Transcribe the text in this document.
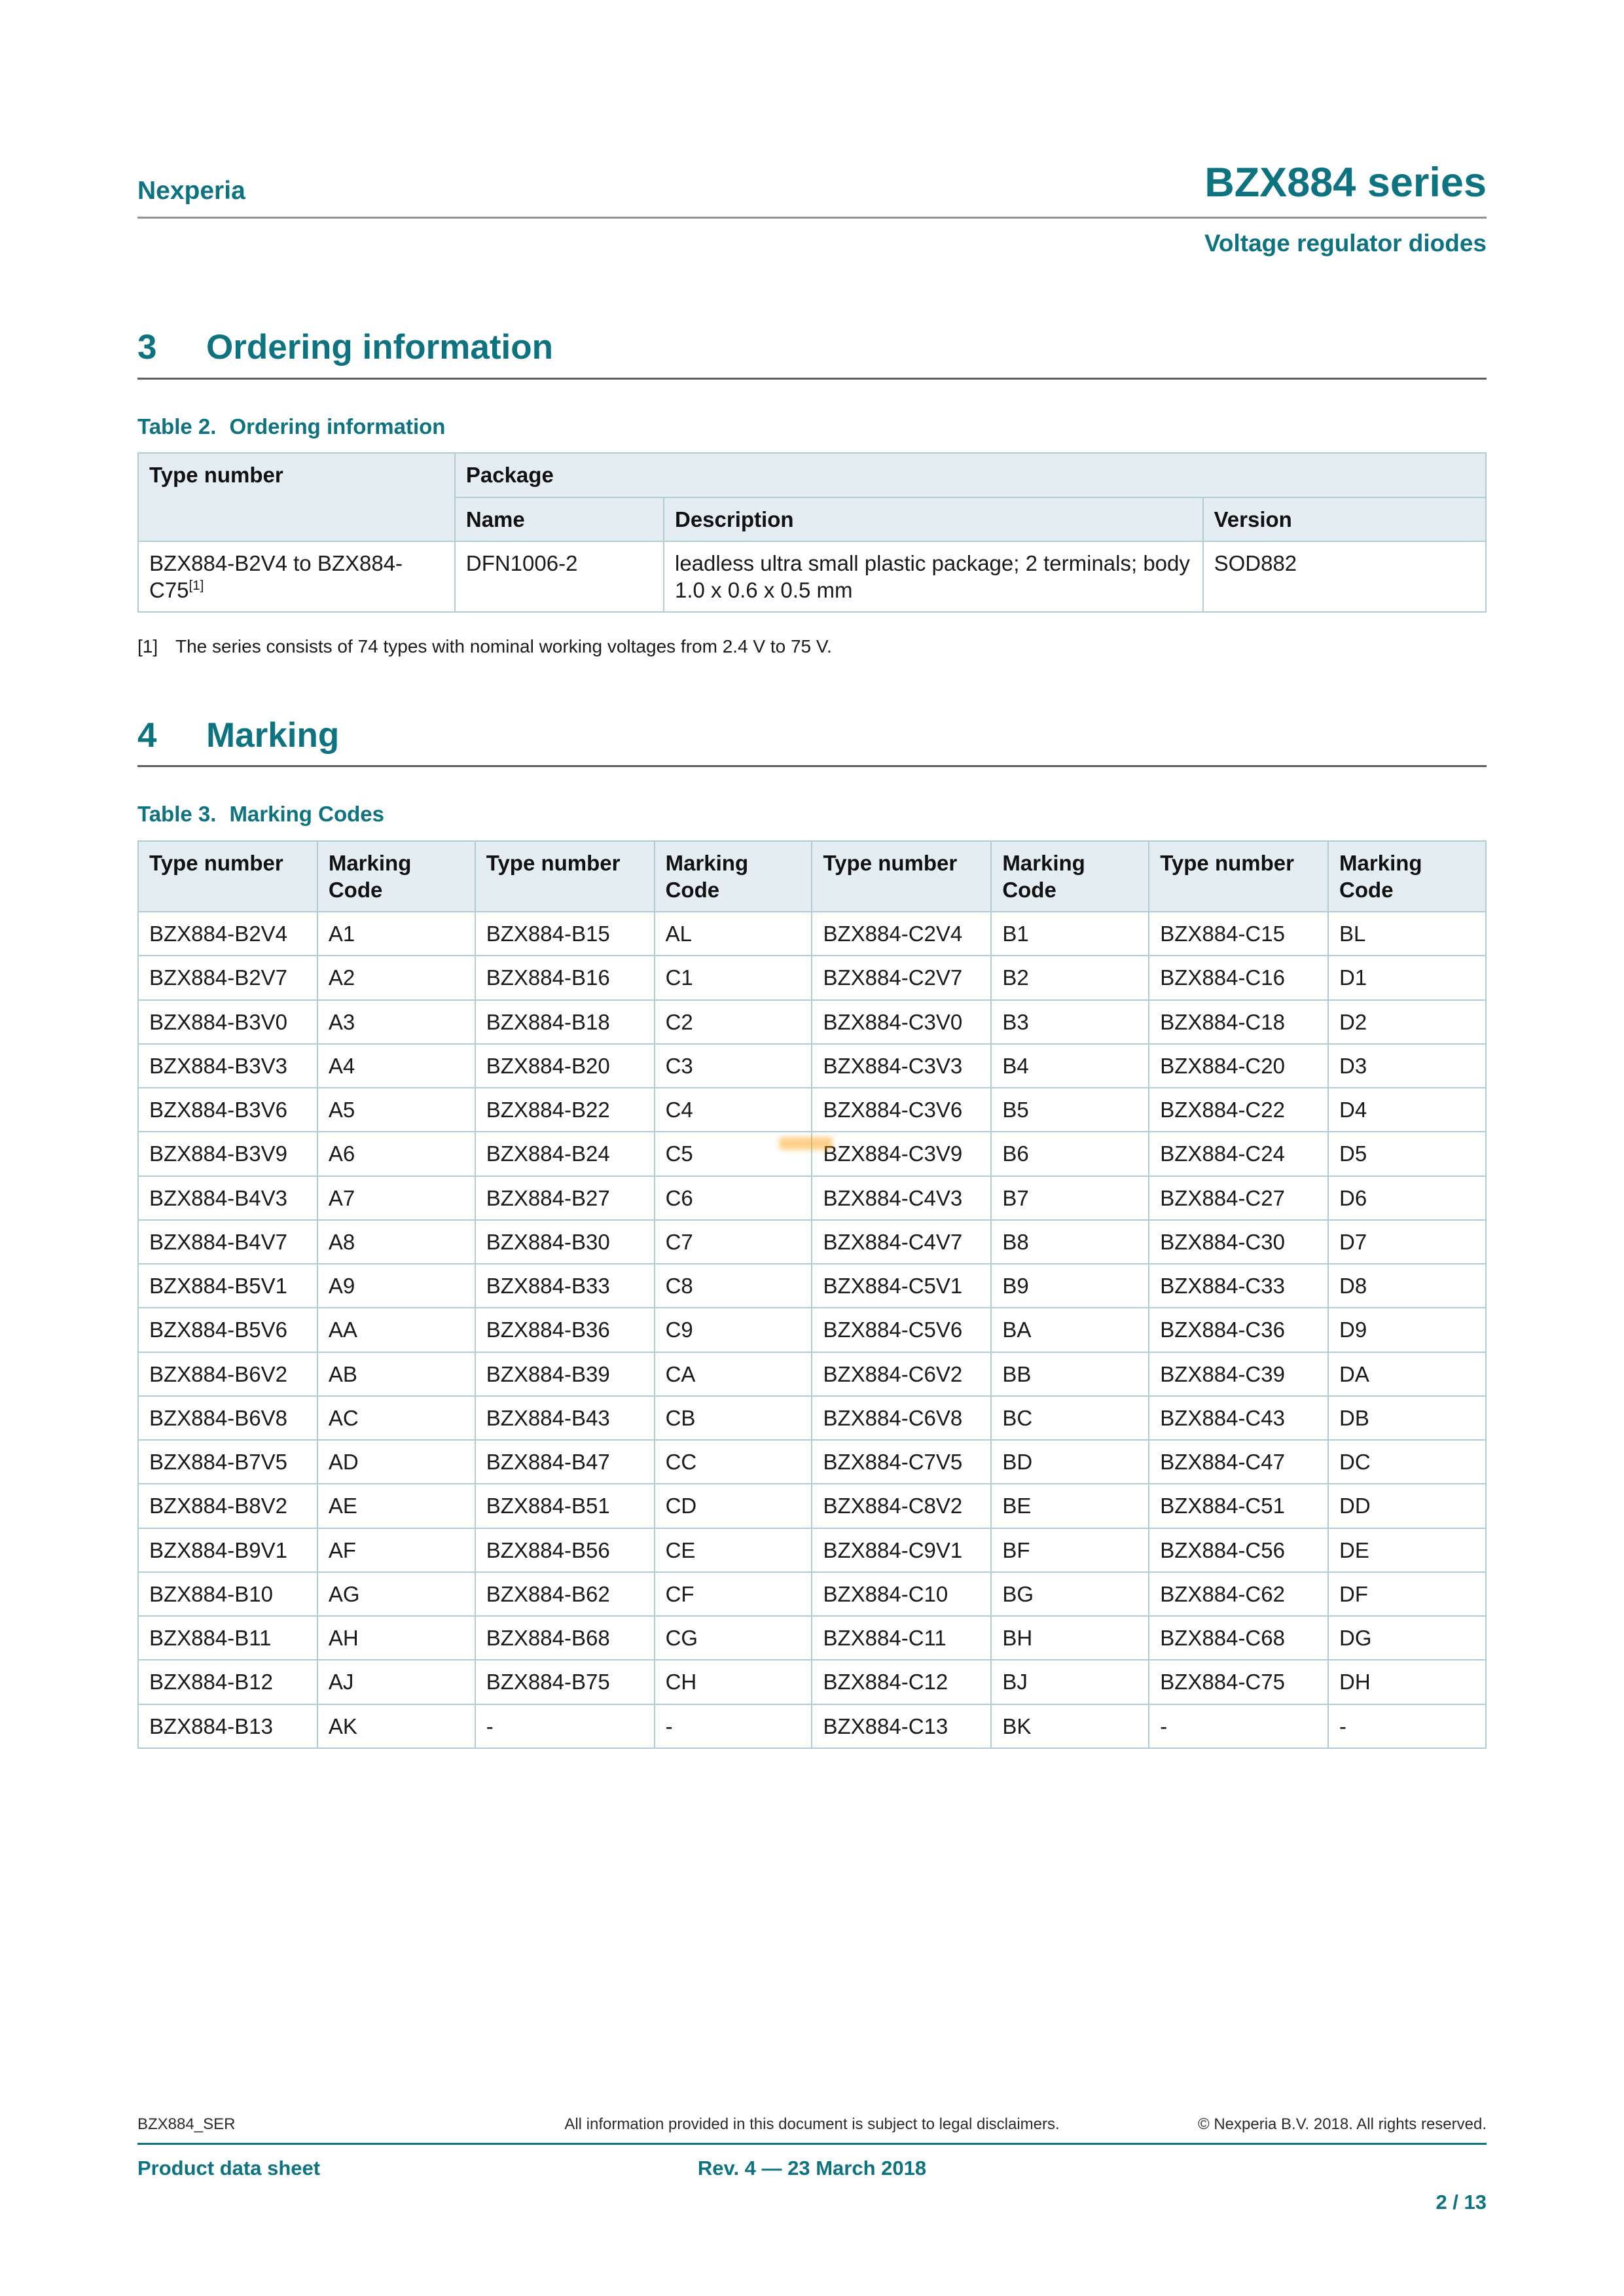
Nexperia	BZX884 series
Voltage regulator diodes
3 Ordering information
Table 2. Ordering information
Type number	Package		
	Name	Description	Version
BZX884-B2V4 to BZX884-C75[1]	DFN1006-2	leadless ultra small plastic package; 2 terminals; body 1.0 x 0.6 x 0.5 mm	SOD882
[1] The series consists of 74 types with nominal working voltages from 2.4 V to 75 V.
4 Marking
Table 3. Marking Codes
Type number	Marking Code	Type number	Marking Code	Type number	Marking Code	Type number	Marking Code
BZX884-B2V4	A1	BZX884-B15	AL	BZX884-C2V4	B1	BZX884-C15	BL
BZX884-B2V7	A2	BZX884-B16	C1	BZX884-C2V7	B2	BZX884-C16	D1
BZX884-B3V0	A3	BZX884-B18	C2	BZX884-C3V0	B3	BZX884-C18	D2
BZX884-B3V3	A4	BZX884-B20	C3	BZX884-C3V3	B4	BZX884-C20	D3
BZX884-B3V6	A5	BZX884-B22	C4	BZX884-C3V6	B5	BZX884-C22	D4
BZX884-B3V9	A6	BZX884-B24	C5	BZX884-C3V9	B6	BZX884-C24	D5
BZX884-B4V3	A7	BZX884-B27	C6	BZX884-C4V3	B7	BZX884-C27	D6
BZX884-B4V7	A8	BZX884-B30	C7	BZX884-C4V7	B8	BZX884-C30	D7
BZX884-B5V1	A9	BZX884-B33	C8	BZX884-C5V1	B9	BZX884-C33	D8
BZX884-B5V6	AA	BZX884-B36	C9	BZX884-C5V6	BA	BZX884-C36	D9
BZX884-B6V2	AB	BZX884-B39	CA	BZX884-C6V2	BB	BZX884-C39	DA
BZX884-B6V8	AC	BZX884-B43	CB	BZX884-C6V8	BC	BZX884-C43	DB
BZX884-B7V5	AD	BZX884-B47	CC	BZX884-C7V5	BD	BZX884-C47	DC
BZX884-B8V2	AE	BZX884-B51	CD	BZX884-C8V2	BE	BZX884-C51	DD
BZX884-B9V1	AF	BZX884-B56	CE	BZX884-C9V1	BF	BZX884-C56	DE
BZX884-B10	AG	BZX884-B62	CF	BZX884-C10	BG	BZX884-C62	DF
BZX884-B11	AH	BZX884-B68	CG	BZX884-C11	BH	BZX884-C68	DG
BZX884-B12	AJ	BZX884-B75	CH	BZX884-C12	BJ	BZX884-C75	DH
BZX884-B13	AK	-	-	BZX884-C13	BK	-	-
BZX884_SER	All information provided in this document is subject to legal disclaimers.	© Nexperia B.V. 2018. All rights reserved.
Product data sheet	Rev. 4 — 23 March 2018
2 / 13
